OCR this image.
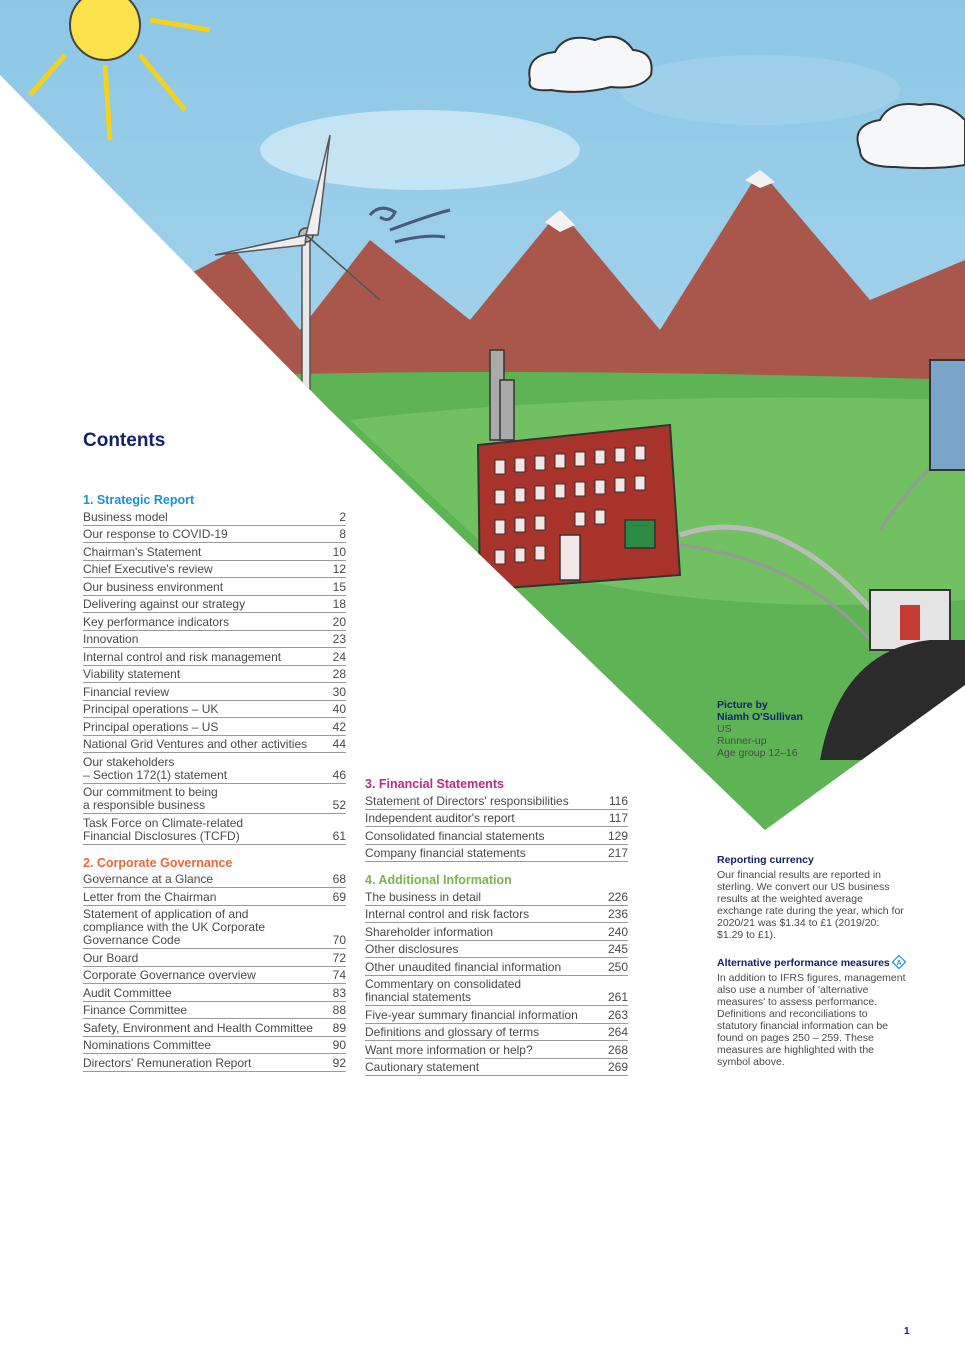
Contents
1. Strategic Report
Business model	2
Our response to COVID-19	8
Chairman's Statement	10
Chief Executive's review	12
Our business environment	15
Delivering against our strategy	18
Key performance indicators	20
Innovation	23
Internal control and risk management	24
Viability statement	28
Financial review	30
Principal operations – UK	40
Principal operations – US	42
National Grid Ventures and other activities	44
Our stakeholders
– Section 172(1) statement	46
Our commitment to being
a responsible business	52
Task Force on Climate-related
Financial Disclosures (TCFD)	61
2. Corporate Governance
Governance at a Glance	68
Letter from the Chairman	69
Statement of application of and
compliance with the UK Corporate
Governance Code	70
Our Board	72
Corporate Governance overview	74
Audit Committee	83
Finance Committee	88
Safety, Environment and Health Committee	89
Nominations Committee	90
Directors' Remuneration Report	92
3. Financial Statements
Statement of Directors' responsibilities	116
Independent auditor's report	117
Consolidated financial statements	129
Company financial statements	217
4. Additional Information
The business in detail	226
Internal control and risk factors	236
Shareholder information	240
Other disclosures	245
Other unaudited financial information	250
Commentary on consolidated
financial statements	261
Five-year summary financial information	263
Definitions and glossary of terms	264
Want more information or help?	268
Cautionary statement	269
Picture by
Niamh O'Sullivan
US
Runner-up
Age group 12–16
Reporting currency
Our financial results are reported in sterling. We convert our US business results at the weighted average exchange rate during the year, which for 2020/21 was $1.34 to £1 (2019/20: $1.29 to £1).
Alternative performance measures A
In addition to IFRS figures, management also use a number of 'alternative measures' to assess performance. Definitions and reconciliations to statutory financial information can be found on pages 250 – 259. These measures are highlighted with the symbol above.
1
